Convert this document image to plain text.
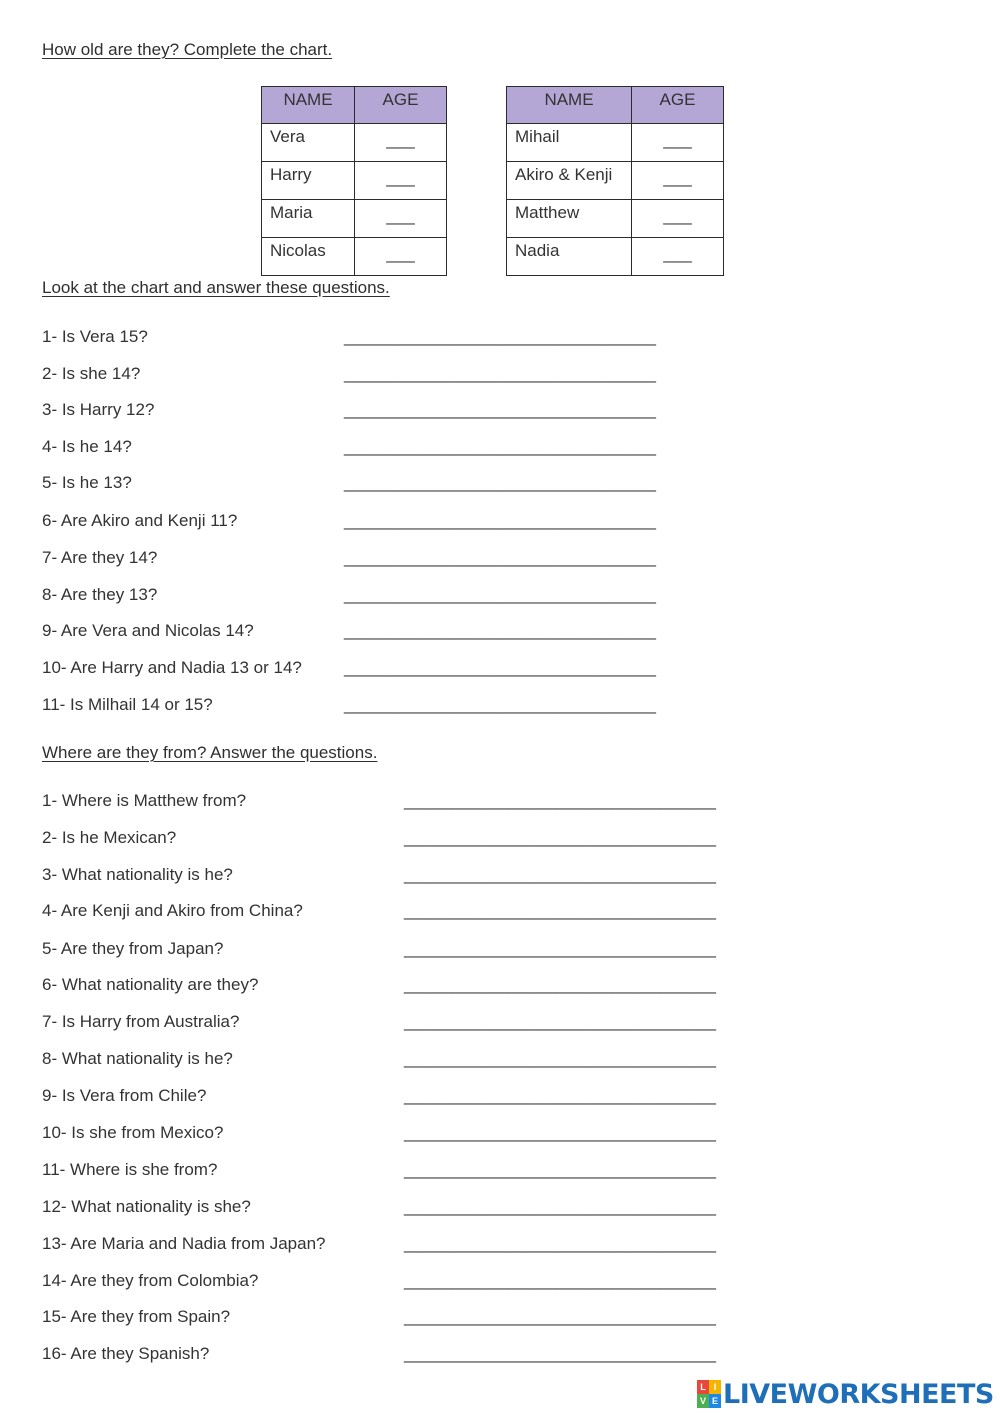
How old are they? Complete the chart.
NAME	AGE
Vera	___
Harry	___
Maria	___
Nicolas	___
NAME	AGE
Mihail	___
Akiro & Kenji	___
Matthew	___
Nadia	___
Look at the chart and answer these questions.
1- Is Vera 15?	_________________________________
2- Is she 14?	_________________________________
3- Is Harry 12?	_________________________________
4- Is he 14?	_________________________________
5- Is he 13?	_________________________________
6- Are Akiro and Kenji 11?	_________________________________
7- Are they 14?	_________________________________
8- Are they 13?	_________________________________
9- Are Vera and Nicolas 14?	_________________________________
10- Are Harry and Nadia 13 or 14? _________________________________
11- Is Milhail 14 or 15?	_________________________________
Where are they from? Answer the questions.
1- Where is Matthew from?	_________________________________
2- Is he Mexican?	_________________________________
3- What nationality is he?	_________________________________
4- Are Kenji and Akiro from China?	_________________________________
5- Are they from Japan?	_________________________________
6- What nationality are they?	_________________________________
7- Is Harry from Australia?	_________________________________
8- What nationality is he?	_________________________________
9- Is Vera from Chile?	_________________________________
10- Is she from Mexico?	_________________________________
11- Where is she from?	_________________________________
12- What nationality is she?	_________________________________
13- Are Maria and Nadia from Japan?	_________________________________
14- Are they from Colombia?	_________________________________
15- Are they from Spain?	_________________________________
16- Are they Spanish?	_________________________________
L I
V E LIVEWORKSHEETS
